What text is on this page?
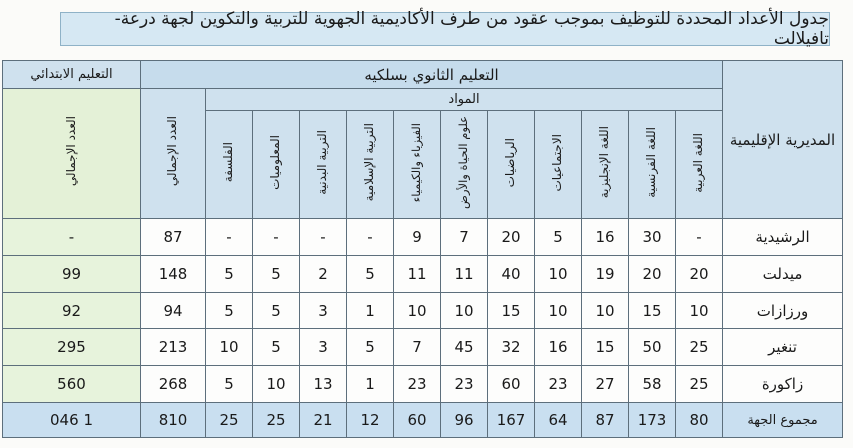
جدول الأعداد المحددة للتوظيف بموجب عقود من طرف الأكاديمية الجهوية للتربية والتكوين لجهة درعة-تافيلالت
المديرية الإقليمية	التعليم الثانوي بسلكيه												التعليم الابتدائي
	المواد											العدد الإجمالي	العدد الإجمالي
	اللغة العربية	اللغة الفرنسية	اللغة الإنجليزية	الاجتماعيات	الرياضيات	علوم الحياة والأرض	الفيزياء والكيمياء	التربية الإسلامية	التربية البدنية	المعلوميات	الفلسفة		
الرشيدية	-	30	16	5	20	7	9	-	-	-	-	87	-
ميدلت	20	20	19	10	40	11	11	5	2	5	5	148	99
ورزازات	10	15	10	10	15	10	10	1	3	5	5	94	92
تنغير	25	50	15	16	32	45	7	5	3	5	10	213	295
زاكورة	25	58	27	23	60	23	23	1	13	10	5	268	560
مجموع الجهة	80	173	87	64	167	96	60	12	21	25	25	810	1 046
